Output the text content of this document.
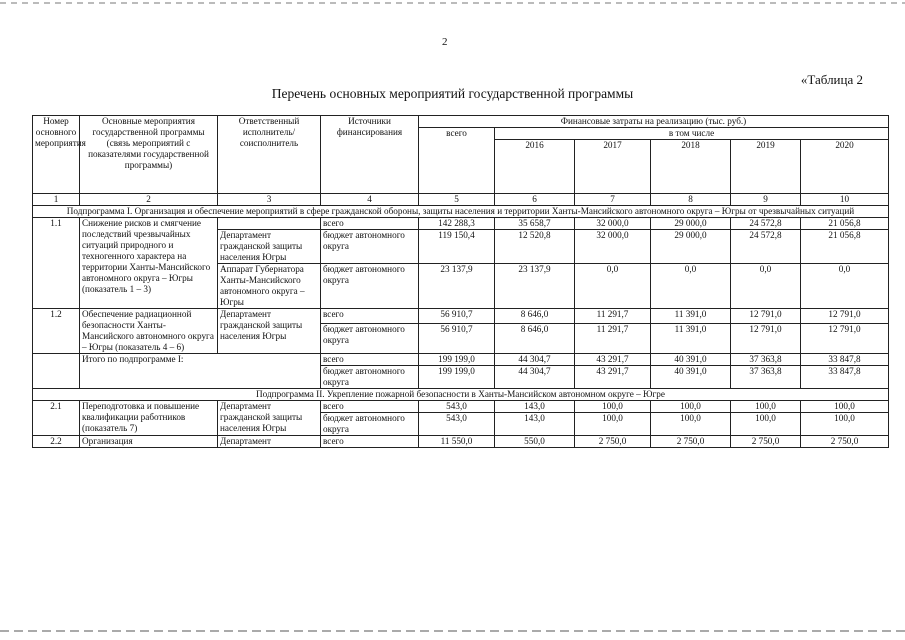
2
«Таблица 2
Перечень основных мероприятий государственной программы
Номер основного мероприятия	Основные мероприятия государственной программы (связь мероприятий с показателями государственной программы)	Ответственный исполнитель/соисполнитель	Источники финансирования	Финансовые затраты на реализацию (тыс. руб.)					
				всего	в том числе				
					2016	2017	2018	2019	2020
1	2	3	4	5	6	7	8	9	10
Подпрограмма I. Организация и обеспечение мероприятий в сфере гражданской обороны, защиты населения и территории Ханты-Мансийского автономного округа – Югры от чрезвычайных ситуаций									
1.1	Снижение рисков и смягчение последствий чрезвычайных ситуаций природного и техногенного характера на территории Ханты-Мансийского автономного округа – Югры (показатель 1 – 3)		всего	142 288,3	35 658,7	32 000,0	29 000,0	24 572,8	21 056,8
		Департамент гражданской защиты населения Югры	бюджет автономного округа	119 150,4	12 520,8	32 000,0	29 000,0	24 572,8	21 056,8
		Аппарат Губернатора Ханты-Мансийского автономного округа – Югры	бюджет автономного округа	23 137,9	23 137,9	0,0	0,0	0,0	0,0
1.2	Обеспечение радиационной безопасности Ханты-Мансийского автономного округа – Югры (показатель 4 – 6)	Департамент гражданской защиты населения Югры	всего	56 910,7	8 646,0	11 291,7	11 391,0	12 791,0	12 791,0
			бюджет автономного округа	56 910,7	8 646,0	11 291,7	11 391,0	12 791,0	12 791,0
	Итого по подпрограмме I:		всего	199 199,0	44 304,7	43 291,7	40 391,0	37 363,8	33 847,8
			бюджет автономного округа	199 199,0	44 304,7	43 291,7	40 391,0	37 363,8	33 847,8
Подпрограмма II. Укрепление пожарной безопасности в Ханты-Мансийском автономном округе – Югре									
2.1	Переподготовка и повышение квалификации работников (показатель 7)	Департамент гражданской защиты населения Югры	всего	543,0	143,0	100,0	100,0	100,0	100,0
			бюджет автономного округа	543,0	143,0	100,0	100,0	100,0	100,0
2.2	Организация	Департамент	всего	11 550,0	550,0	2 750,0	2 750,0	2 750,0	2 750,0
